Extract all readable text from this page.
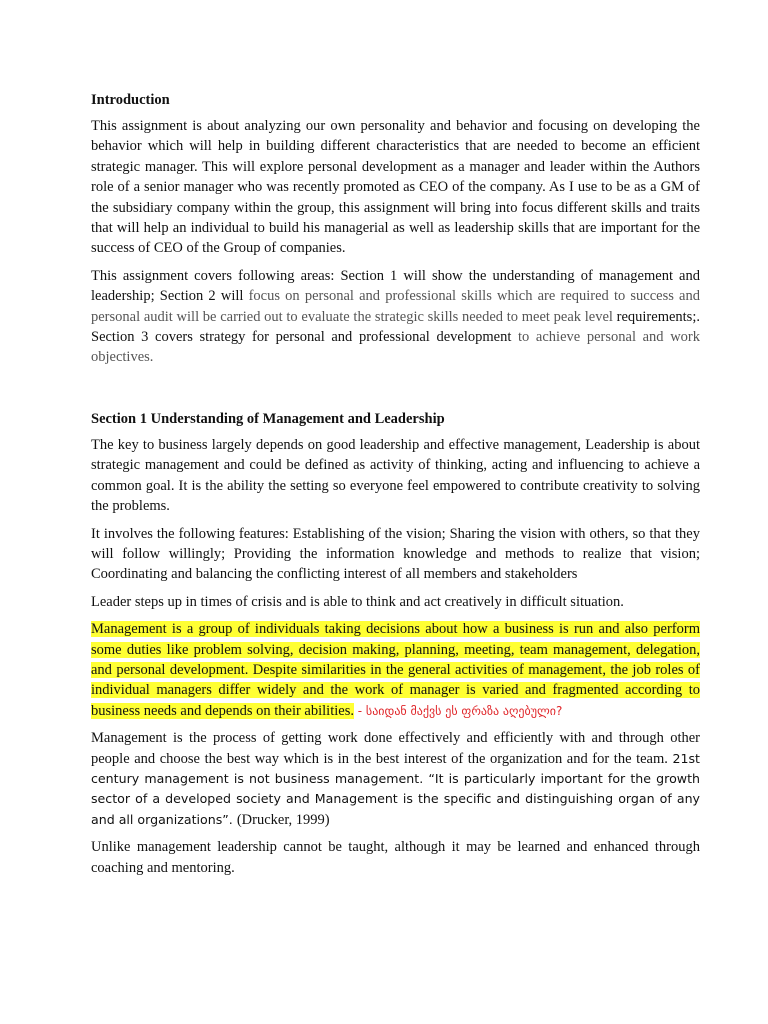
Introduction

This assignment is about analyzing our own personality and behavior and focusing on developing the behavior which will help in building different characteristics that are needed to become an efficient strategic manager. This will explore personal development as a manager and leader within the Authors role of a senior manager who was recently promoted as CEO of the company. As I use to be as a GM of the subsidiary company within the group, this assignment will bring into focus different skills and traits that will help an individual to build his managerial as well as leadership skills that are important for the success of CEO of the Group of companies.

This assignment covers following areas: Section 1 will show the understanding of management and leadership; Section 2 will focus on personal and professional skills which are required to success and personal audit will be carried out to evaluate the strategic skills needed to meet peak level requirements;. Section 3 covers strategy for personal and professional development to achieve personal and work objectives.

Section 1 Understanding of Management and Leadership

The key to business largely depends on good leadership and effective management, Leadership is about strategic management and could be defined as activity of thinking, acting and influencing to achieve a common goal. It is the ability the setting so everyone feel empowered to contribute creativity to solving the problems.

It involves the following features: Establishing of the vision; Sharing the vision with others, so that they will follow willingly; Providing the information knowledge and methods to realize that vision; Coordinating and balancing the conflicting interest of all members and stakeholders

Leader steps up in times of crisis and is able to think and act creatively in difficult situation.

Management is a group of individuals taking decisions about how a business is run and also perform some duties like problem solving, decision making, planning, meeting, team management, delegation, and personal development. Despite similarities in the general activities of management, the job roles of individual managers differ widely and the work of manager is varied and fragmented according to business needs and depends on their abilities. - საიდან მაქვს ეს ფრაზა აღებული?

Management is the process of getting work done effectively and efficiently with and through other people and choose the best way which is in the best interest of the organization and for the team. 21st century management is not business management. “It is particularly important for the growth sector of a developed society and Management is the specific and distinguishing organ of any and all organizations”. (Drucker, 1999)

Unlike management leadership cannot be taught, although it may be learned and enhanced through coaching and mentoring.
